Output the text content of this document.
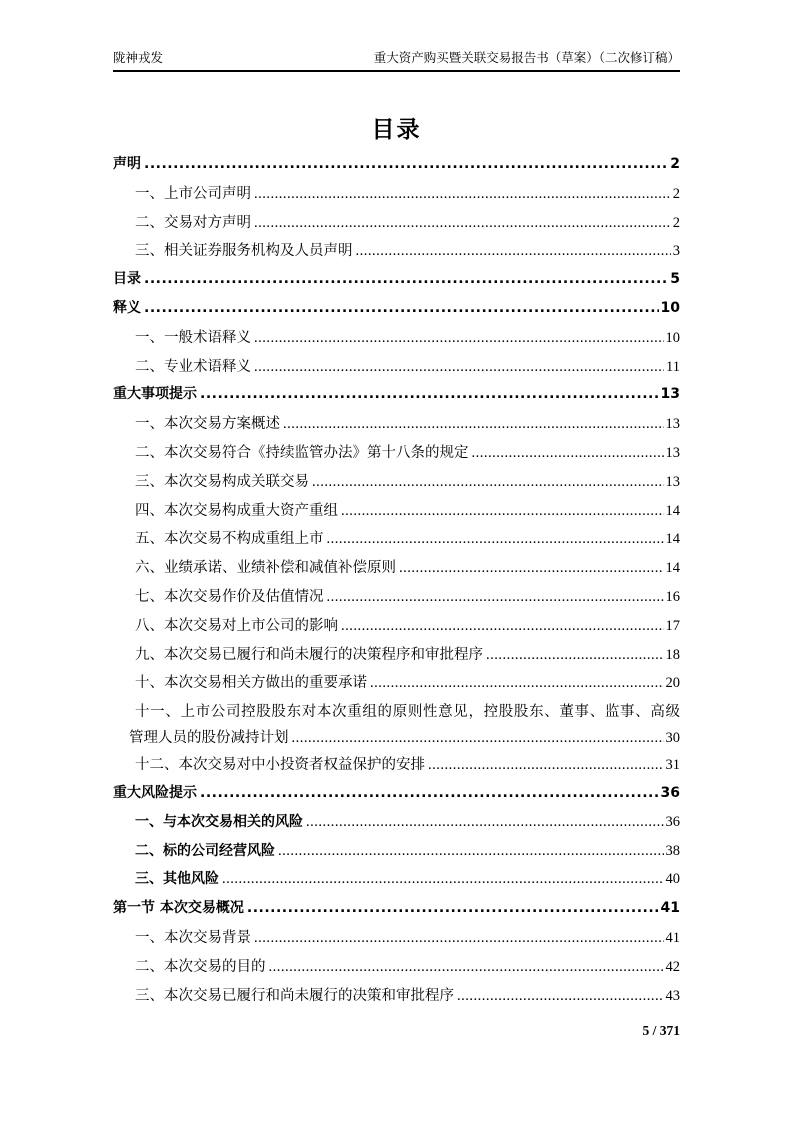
陇神戎发	重大资产购买暨关联交易报告书（草案）（二次修订稿）
目录
声明 .....	2
一、上市公司声明 .....	2
二、交易对方声明 .....	2
三、相关证券服务机构及人员声明 .....	3
目录 .....	5
释义 .....	10
一、一般术语释义 .....	10
二、专业术语释义 .....	11
重大事项提示 .....	13
一、本次交易方案概述 .....	13
二、本次交易符合《持续监管办法》第十八条的规定 .....	13
三、本次交易构成关联交易 .....	13
四、本次交易构成重大资产重组 .....	14
五、本次交易不构成重组上市 .....	14
六、业绩承诺、业绩补偿和减值补偿原则 .....	14
七、本次交易作价及估值情况 .....	16
八、本次交易对上市公司的影响 .....	17
九、本次交易已履行和尚未履行的决策程序和审批程序 .....	18
十、本次交易相关方做出的重要承诺 .....	20
十一、上市公司控股股东对本次重组的原则性意见，控股股东、董事、监事、高级
管理人员的股份减持计划 .....	30
十二、本次交易对中小投资者权益保护的安排 .....	31
重大风险提示 .....	36
一、与本次交易相关的风险 .....	36
二、标的公司经营风险 .....	38
三、其他风险 .....	40
第一节 本次交易概况 .....	41
一、本次交易背景 .....	41
二、本次交易的目的 .....	42
三、本次交易已履行和尚未履行的决策和审批程序 .....	43
5 / 371
